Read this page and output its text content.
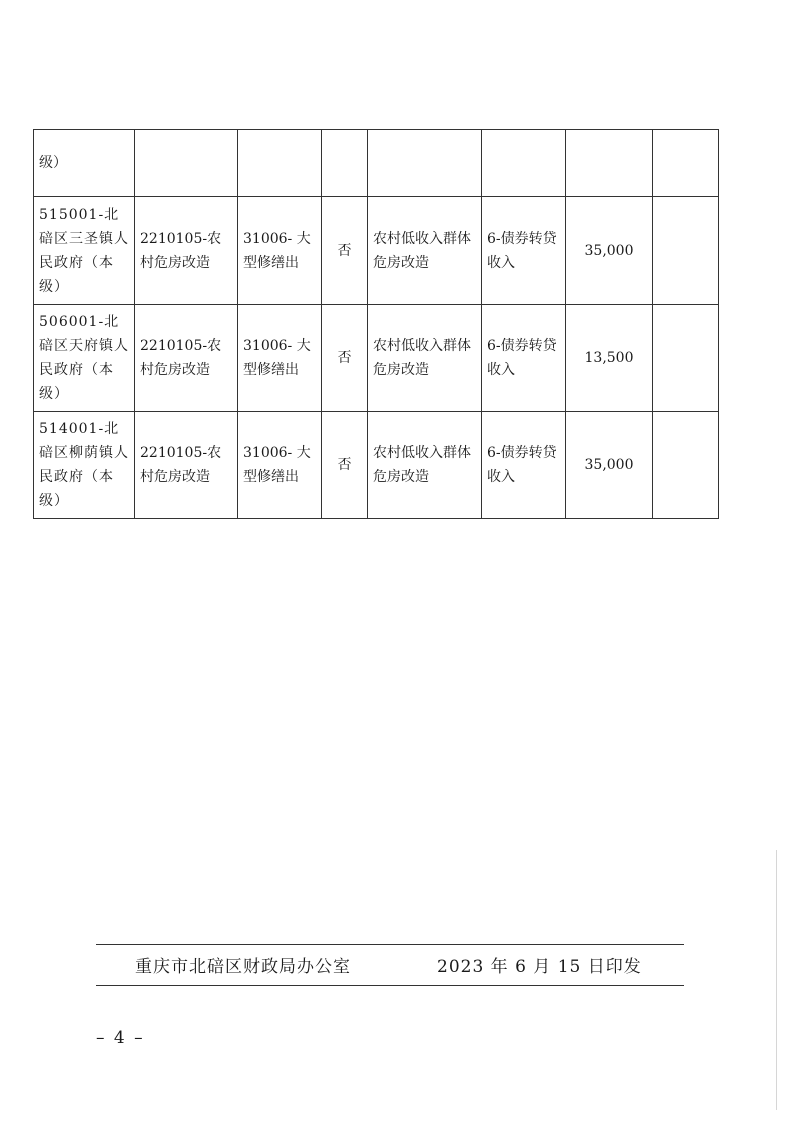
级）							

515001-北碚区三圣镇人民政府（本级）	2210105-农村危房改造	31006- 大型修缮出	否	农村低收入群体危房改造	6-债券转贷收入	35,000	

506001-北碚区天府镇人民政府（本级）	2210105-农村危房改造	31006- 大型修缮出	否	农村低收入群体危房改造	6-债券转贷收入	13,500	

514001-北碚区柳荫镇人民政府（本级）	2210105-农村危房改造	31006- 大型修缮出	否	农村低收入群体危房改造	6-债券转贷收入	35,000	
重庆市北碚区财政局办公室	2023 年 6 月 15 日印发
– 4 –
